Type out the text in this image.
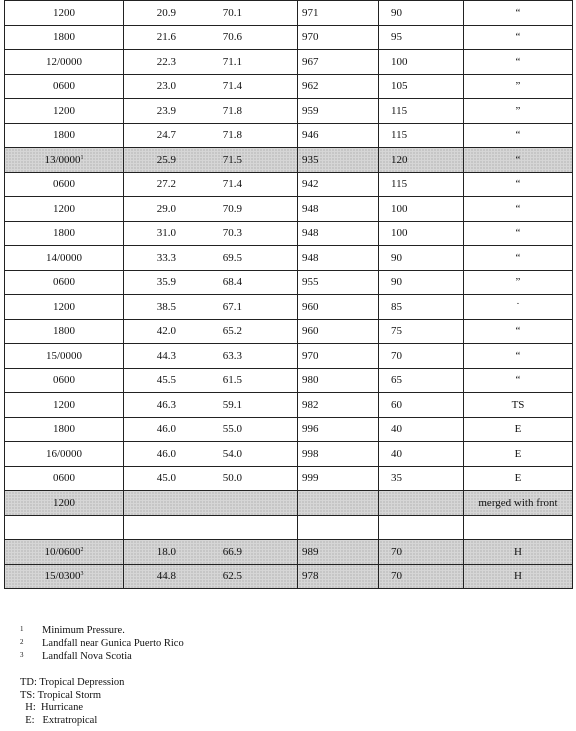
1200	20.9 70.1	971	90	“
1800	21.6 70.6	970	95	“
12/0000	22.3 71.1	967	100	“
0600	23.0 71.4	962	105	”
1200	23.9 71.8	959	115	”
1800	24.7 71.8	946	115	“
13/0000$^1$	25.9 71.5	935	120	“
0600	27.2 71.4	942	115	“
1200	29.0 70.9	948	100	“
1800	31.0 70.3	948	100	“
14/0000	33.3 69.5	948	90	“
0600	35.9 68.4	955	90	”
1200	38.5 67.1	960	85	˙
1800	42.0 65.2	960	75	“
15/0000	44.3 63.3	970	70	“
0600	45.5 61.5	980	65	“
1200	46.3 59.1	982	60	TS
1800	46.0 55.0	996	40	E
16/0000	46.0 54.0	998	40	E
0600	45.0 50.0	999	35	E
1200				merged with front

10/0600$^2$	18.0 66.9	989	70	H
15/0300$^3$	44.8 62.5	978	70	H
1	Minimum Pressure.
2	Landfall near Gunica Puerto Rico
3	Landfall Nova Scotia
TD: Tropical Depression
TS: Tropical Storm
H:  Hurricane
E:   Extratropical
